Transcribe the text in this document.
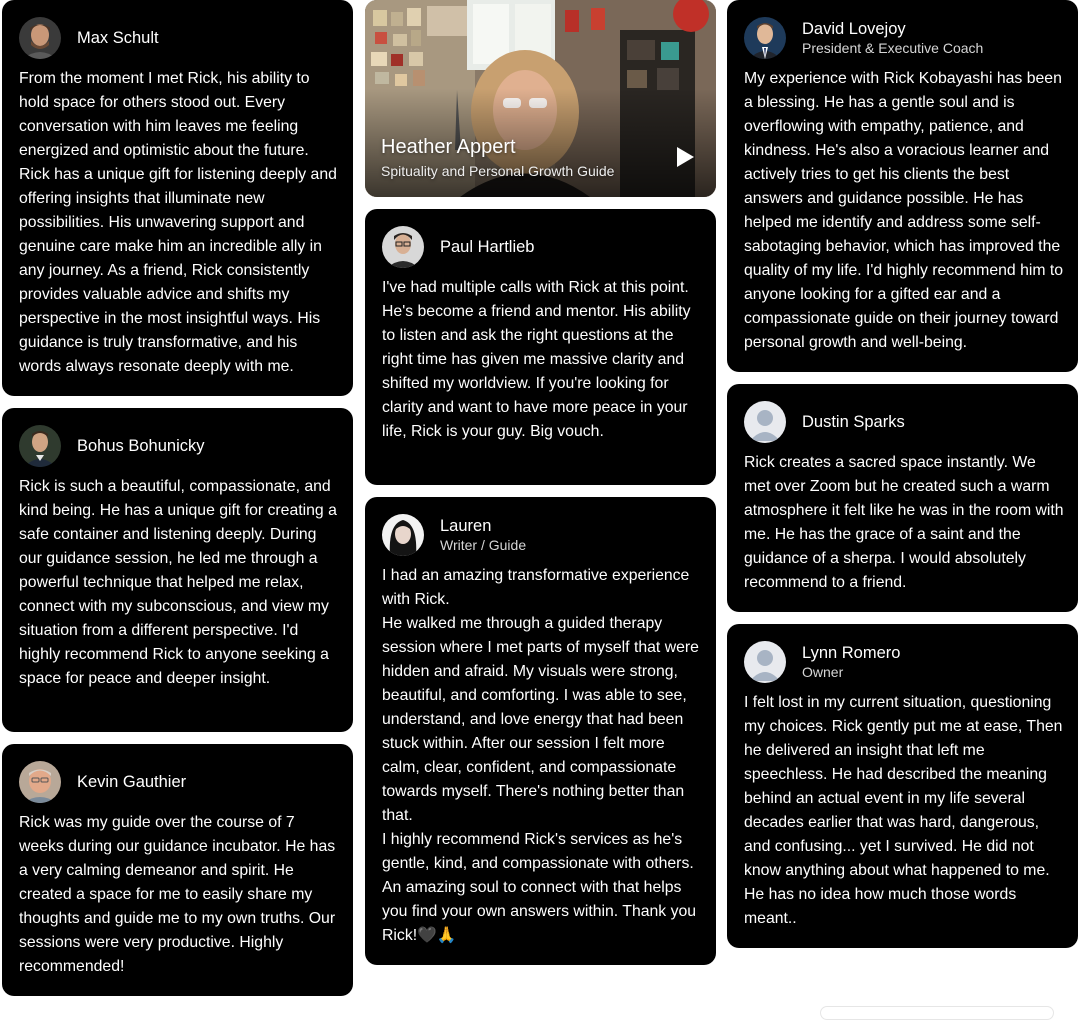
Max Schult

From the moment I met Rick, his ability to hold space for others stood out. Every conversation with him leaves me feeling energized and optimistic about the future. Rick has a unique gift for listening deeply and offering insights that illuminate new possibilities. His unwavering support and genuine care make him an incredible ally in any journey. As a friend, Rick consistently provides valuable advice and shifts my perspective in the most insightful ways. His guidance is truly transformative, and his words always resonate deeply with me.

Bohus Bohunicky

Rick is such a beautiful, compassionate, and kind being. He has a unique gift for creating a safe container and listening deeply. During our guidance session, he led me through a powerful technique that helped me relax, connect with my subconscious, and view my situation from a different perspective. I'd highly recommend Rick to anyone seeking a space for peace and deeper insight.

Kevin Gauthier

Rick was my guide over the course of 7 weeks during our guidance incubator. He has a very calming demeanor and spirit. He created a space for me to easily share my thoughts and guide me to my own truths. Our sessions were very productive. Highly recommended!

Heather Appert
Spituality and Personal Growth Guide
Paul Hartlieb

I've had multiple calls with Rick at this point. He's become a friend and mentor. His ability to listen and ask the right questions at the right time has given me massive clarity and shifted my worldview. If you're looking for clarity and want to have more peace in your life, Rick is your guy. Big vouch.

Lauren
Writer / Guide

I had an amazing transformative experience with Rick.

He walked me through a guided therapy session where I met parts of myself that were hidden and afraid. My visuals were strong, beautiful, and comforting. I was able to see, understand, and love energy that had been stuck within. After our session I felt more calm, clear, confident, and compassionate towards myself. There's nothing better than that.

I highly recommend Rick's services as he's gentle, kind, and compassionate with others. An amazing soul to connect with that helps you find your own answers within. Thank you Rick!🖤🙏

David Lovejoy
President & Executive Coach

My experience with Rick Kobayashi has been a blessing. He has a gentle soul and is overflowing with empathy, patience, and kindness. He's also a voracious learner and actively tries to get his clients the best answers and guidance possible. He has helped me identify and address some self-sabotaging behavior, which has improved the quality of my life. I'd highly recommend him to anyone looking for a gifted ear and a compassionate guide on their journey toward personal growth and well-being.

Dustin Sparks

Rick creates a sacred space instantly. We met over Zoom but he created such a warm atmosphere it felt like he was in the room with me. He has the grace of a saint and the guidance of a sherpa. I would absolutely recommend to a friend.

Lynn Romero
Owner

I felt lost in my current situation, questioning my choices. Rick gently put me at ease, Then he delivered an insight that left me speechless. He had described the meaning behind an actual event in my life several decades earlier that was hard, dangerous, and confusing... yet I survived. He did not know anything about what happened to me. He has no idea how much those words meant..
